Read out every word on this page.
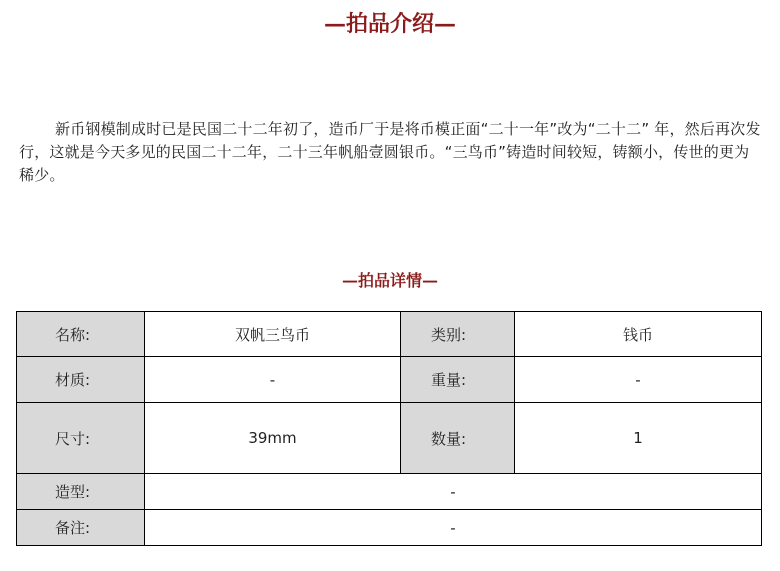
—拍品介绍—

新币钢模制成时已是民国二十二年初了，造币厂于是将币模正面“二十一年”改为“二十二” 年，然后再次发行，这就是今天多见的民国二十二年，二十三年帆船壹圆银币。“三鸟币”铸造时间较短，铸额小，传世的更为稀少。

—拍品详情—
名称:	双帆三鸟币	类别:	钱币
材质:	-	重量:	-
尺寸:	39mm	数量:	1
造型:	-		
备注:	-		
